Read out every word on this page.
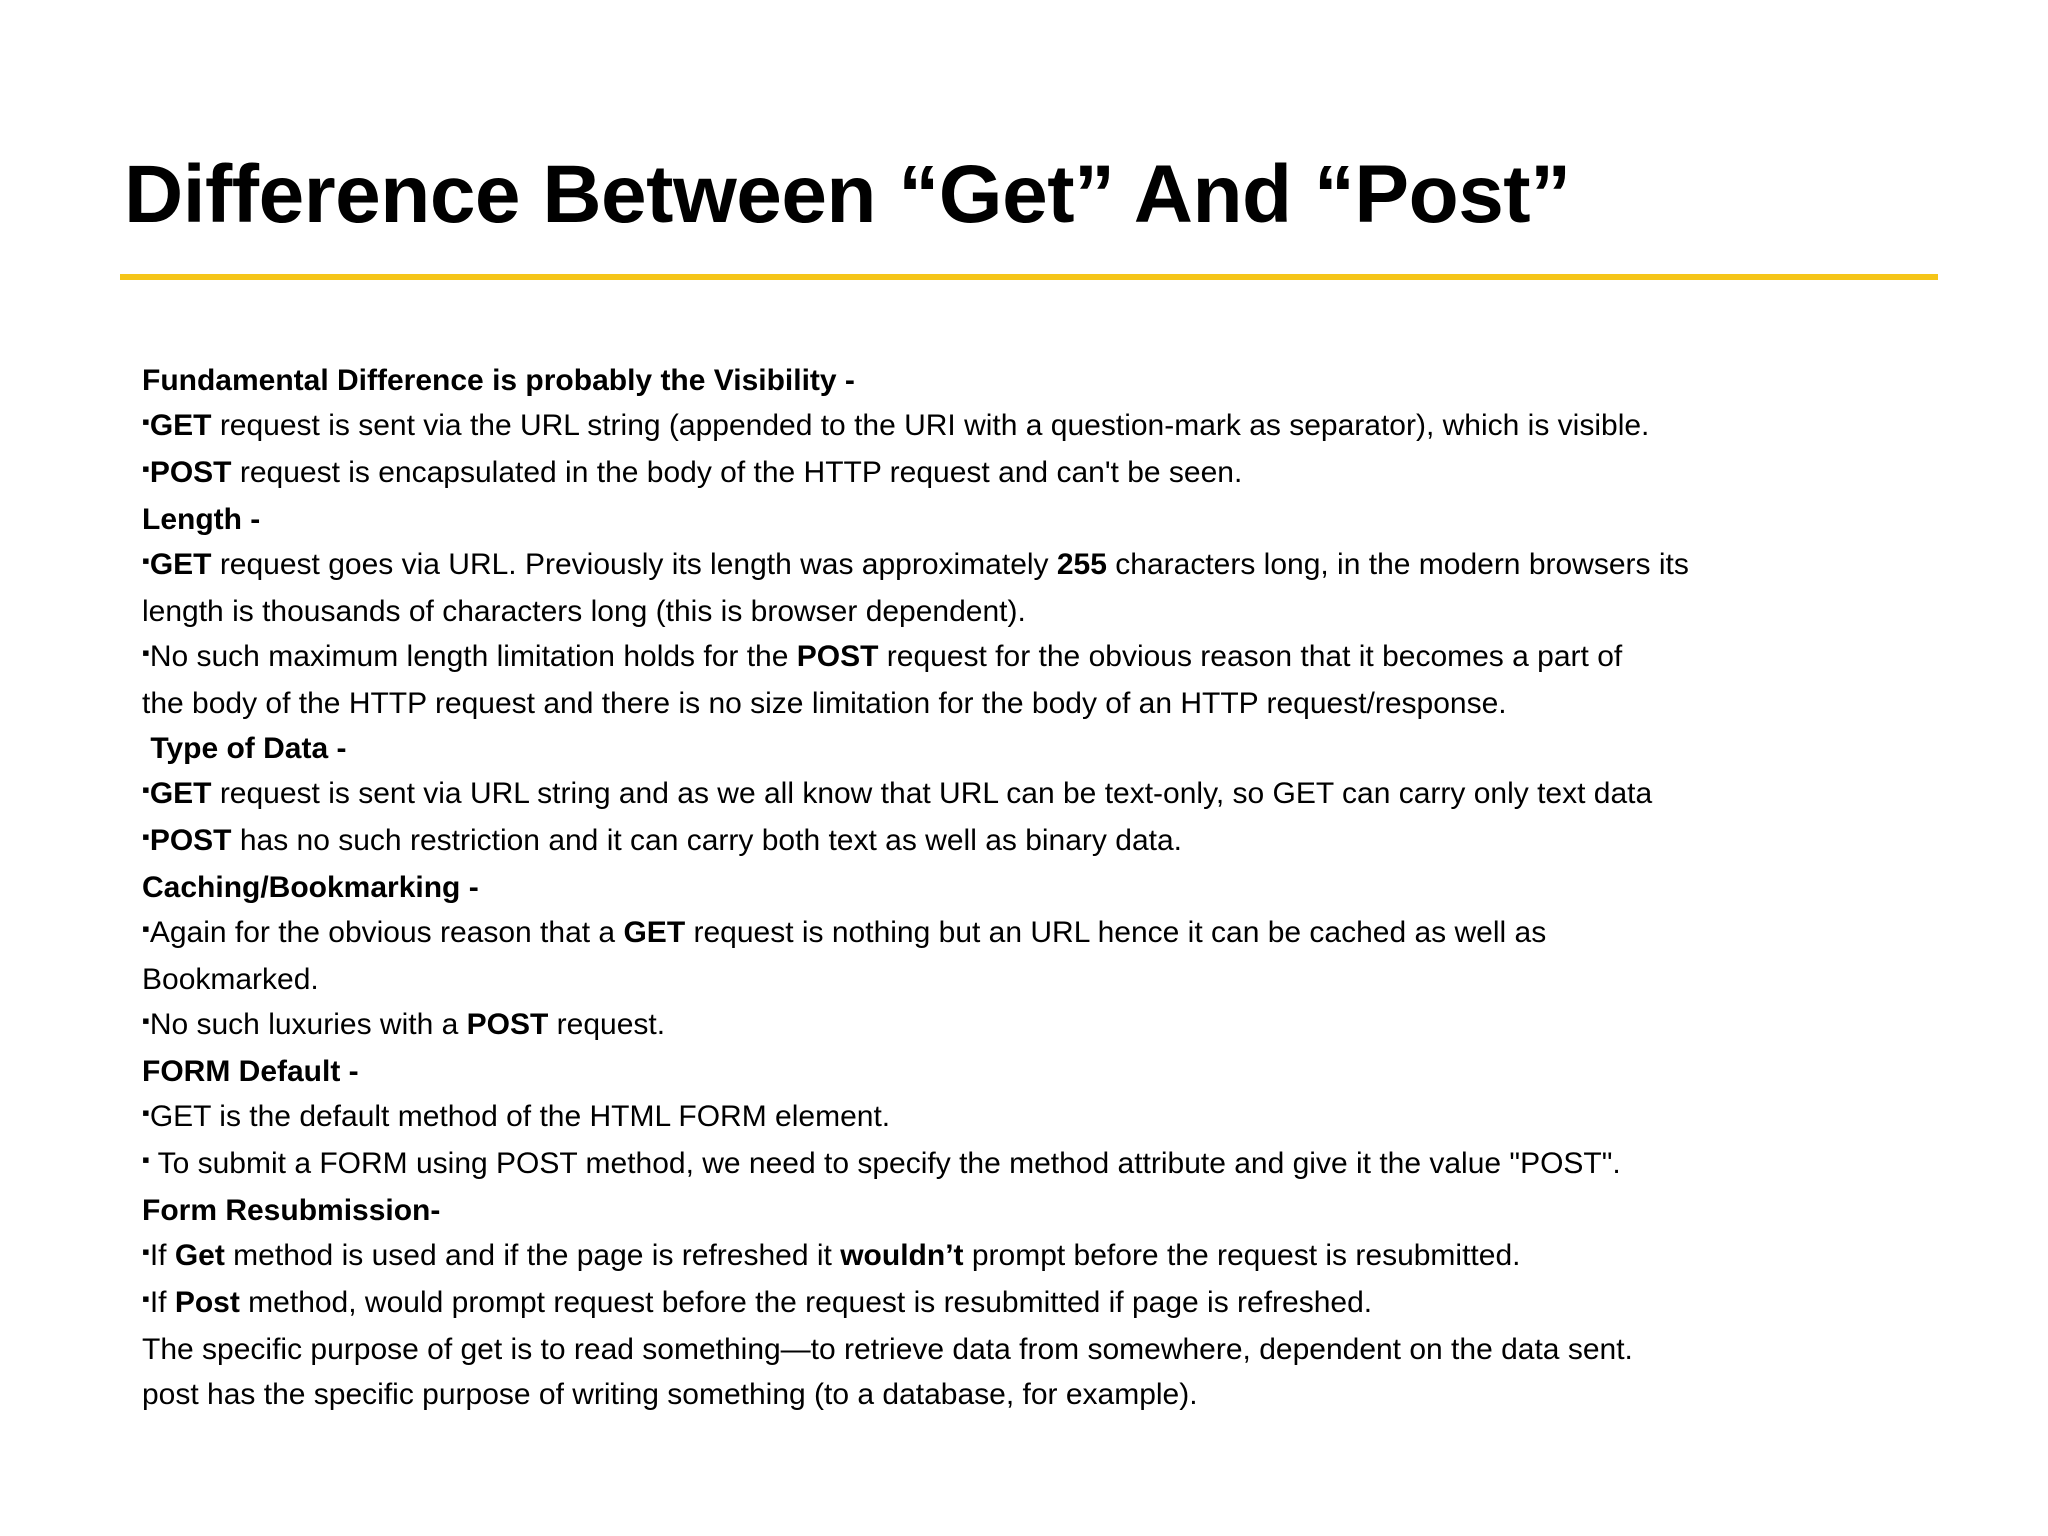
Difference Between “Get” And “Post”

Fundamental Difference is probably the Visibility -

▪ GET request is sent via the URL string (appended to the URI with a question-mark as separator), which is visible.

▪ POST request is encapsulated in the body of the HTTP request and can't be seen.

Length -

▪ GET request goes via URL. Previously its length was approximately 255 characters long, in the modern browsers its

length is thousands of characters long (this is browser dependent).

▪ No such maximum length limitation holds for the POST request for the obvious reason that it becomes a part of

the body of the HTTP request and there is no size limitation for the body of an HTTP request/response.

Type of Data -

▪ GET request is sent via URL string and as we all know that URL can be text-only, so GET can carry only text data

▪ POST has no such restriction and it can carry both text as well as binary data.

Caching/Bookmarking -

▪ Again for the obvious reason that a GET request is nothing but an URL hence it can be cached as well as

Bookmarked.

▪ No such luxuries with a POST request.

FORM Default -

▪ GET is the default method of the HTML FORM element.

▪  To submit a FORM using POST method, we need to specify the method attribute and give it the value "POST".

Form Resubmission-

▪ If Get method is used and if the page is refreshed it wouldn’t prompt before the request is resubmitted.

▪ If Post method, would prompt request before the request is resubmitted if page is refreshed.

The specific purpose of get is to read something—to retrieve data from somewhere, dependent on the data sent.

post has the specific purpose of writing something (to a database, for example).
